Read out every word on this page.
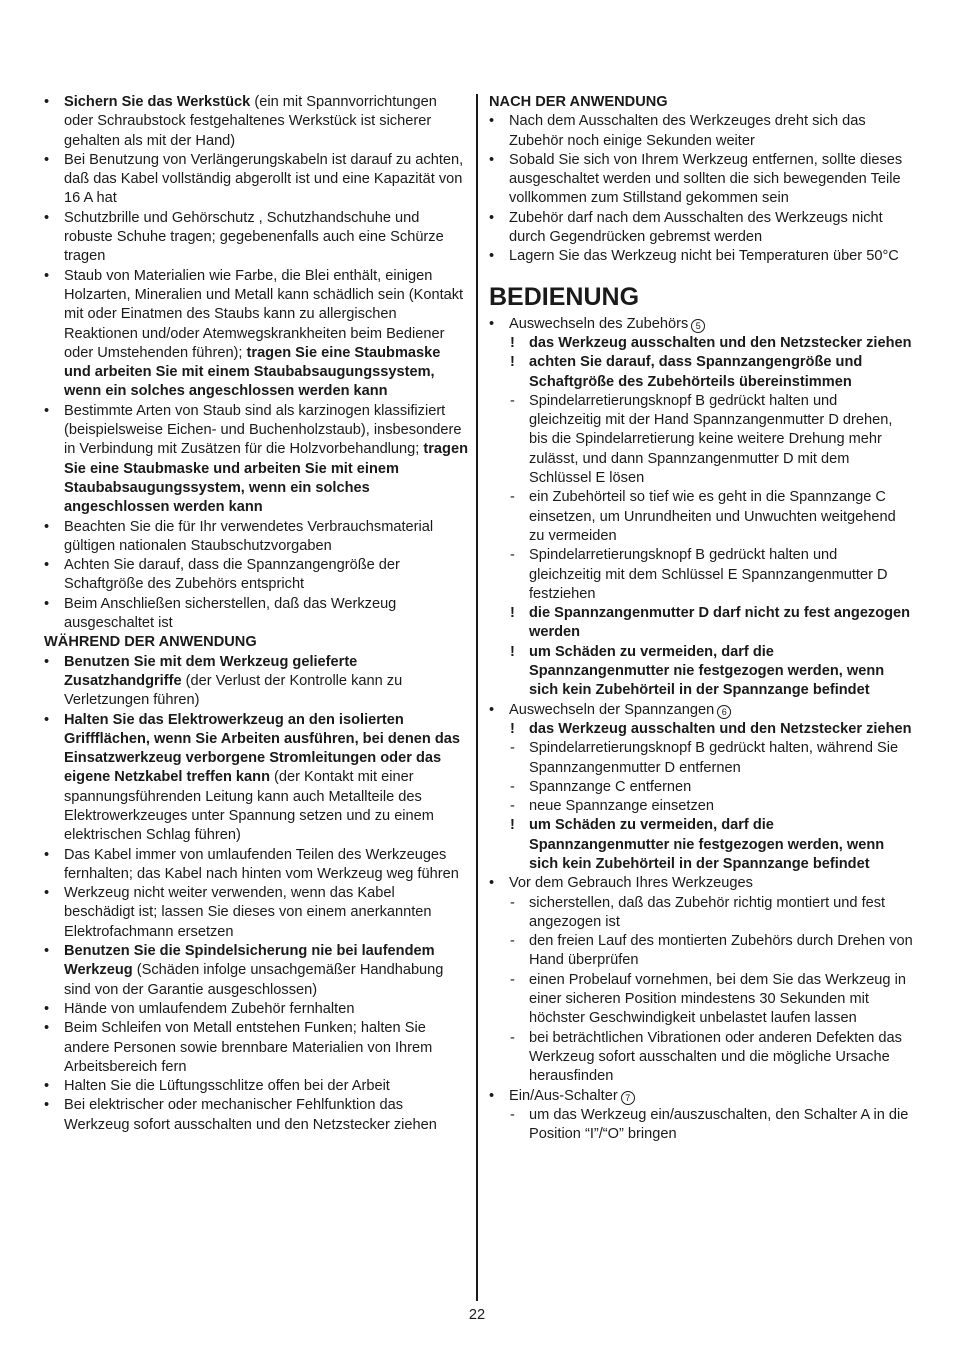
• Sichern Sie das Werkstück (ein mit Spannvorrichtungen oder Schraubstock festgehaltenes Werkstück ist sicherer gehalten als mit der Hand)
• Bei Benutzung von Verlängerungskabeln ist darauf zu achten, daß das Kabel vollständig abgerollt ist und eine Kapazität von 16 A hat
• Schutzbrille und Gehörschutz , Schutzhandschuhe und robuste Schuhe tragen; gegebenenfalls auch eine Schürze tragen
• Staub von Materialien wie Farbe, die Blei enthält, einigen Holzarten, Mineralien und Metall kann schädlich sein (Kontakt mit oder Einatmen des Staubs kann zu allergischen Reaktionen und/oder Atemwegskrankheiten beim Bediener oder Umstehenden führen); tragen Sie eine Staubmaske und arbeiten Sie mit einem Staubabsaugungssystem, wenn ein solches angeschlossen werden kann
• Bestimmte Arten von Staub sind als karzinogen klassifiziert (beispielsweise Eichen- und Buchenholzstaub), insbesondere in Verbindung mit Zusätzen für die Holzvorbehandlung; tragen Sie eine Staubmaske und arbeiten Sie mit einem Staubabsaugungssystem, wenn ein solches angeschlossen werden kann
• Beachten Sie die für Ihr verwendetes Verbrauchsmaterial gültigen nationalen Staubschutzvorgaben
• Achten Sie darauf, dass die Spannzangengröße der Schaftgröße des Zubehörs entspricht
• Beim Anschließen sicherstellen, daß das Werkzeug ausgeschaltet ist
WÄHREND DER ANWENDUNG
• Benutzen Sie mit dem Werkzeug gelieferte Zusatzhandgriffe (der Verlust der Kontrolle kann zu Verletzungen führen)
• Halten Sie das Elektrowerkzeug an den isolierten Griffflächen, wenn Sie Arbeiten ausführen, bei denen das Einsatzwerkzeug verborgene Stromleitungen oder das eigene Netzkabel treffen kann (der Kontakt mit einer spannungsführenden Leitung kann auch Metallteile des Elektrowerkzeuges unter Spannung setzen und zu einem elektrischen Schlag führen)
• Das Kabel immer von umlaufenden Teilen des Werkzeuges fernhalten; das Kabel nach hinten vom Werkzeug weg führen
• Werkzeug nicht weiter verwenden, wenn das Kabel beschädigt ist; lassen Sie dieses von einem anerkannten Elektrofachmann ersetzen
• Benutzen Sie die Spindelsicherung nie bei laufendem Werkzeug (Schäden infolge unsachgemäßer Handhabung sind von der Garantie ausgeschlossen)
• Hände von umlaufendem Zubehör fernhalten
• Beim Schleifen von Metall entstehen Funken; halten Sie andere Personen sowie brennbare Materialien von Ihrem Arbeitsbereich fern
• Halten Sie die Lüftungsschlitze offen bei der Arbeit
• Bei elektrischer oder mechanischer Fehlfunktion das Werkzeug sofort ausschalten und den Netzstecker ziehen
NACH DER ANWENDUNG
• Nach dem Ausschalten des Werkzeuges dreht sich das Zubehör noch einige Sekunden weiter
• Sobald Sie sich von Ihrem Werkzeug entfernen, sollte dieses ausgeschaltet werden und sollten die sich bewegenden Teile vollkommen zum Stillstand gekommen sein
• Zubehör darf nach dem Ausschalten des Werkzeugs nicht durch Gegendrücken gebremst werden
• Lagern Sie das Werkzeug nicht bei Temperaturen über 50°C
BEDIENUNG
• Auswechseln des Zubehörs 5
! das Werkzeug ausschalten und den Netzstecker ziehen
! achten Sie darauf, dass Spannzangengröße und Schaftgröße des Zubehörteils übereinstimmen
- Spindelarretierungsknopf B gedrückt halten und gleichzeitig mit der Hand Spannzangenmutter D drehen, bis die Spindelarretierung keine weitere Drehung mehr zulässt, und dann Spannzangenmutter D mit dem Schlüssel E lösen
- ein Zubehörteil so tief wie es geht in die Spannzange C einsetzen, um Unrundheiten und Unwuchten weitgehend zu vermeiden
- Spindelarretierungsknopf B gedrückt halten und gleichzeitig mit dem Schlüssel E Spannzangenmutter D festziehen
! die Spannzangenmutter D darf nicht zu fest angezogen werden
! um Schäden zu vermeiden, darf die Spannzangenmutter nie festgezogen werden, wenn sich kein Zubehörteil in der Spannzange befindet
• Auswechseln der Spannzangen 6
! das Werkzeug ausschalten und den Netzstecker ziehen
- Spindelarretierungsknopf B gedrückt halten, während Sie Spannzangenmutter D entfernen
- Spannzange C entfernen
- neue Spannzange einsetzen
! um Schäden zu vermeiden, darf die Spannzangenmutter nie festgezogen werden, wenn sich kein Zubehörteil in der Spannzange befindet
• Vor dem Gebrauch Ihres Werkzeuges
- sicherstellen, daß das Zubehör richtig montiert und fest angezogen ist
- den freien Lauf des montierten Zubehörs durch Drehen von Hand überprüfen
- einen Probelauf vornehmen, bei dem Sie das Werkzeug in einer sicheren Position mindestens 30 Sekunden mit höchster Geschwindigkeit unbelastet laufen lassen
- bei beträchtlichen Vibrationen oder anderen Defekten das Werkzeug sofort ausschalten und die mögliche Ursache herausfinden
• Ein/Aus-Schalter 7
- um das Werkzeug ein/auszuschalten, den Schalter A in die Position “I”/“O” bringen
22
